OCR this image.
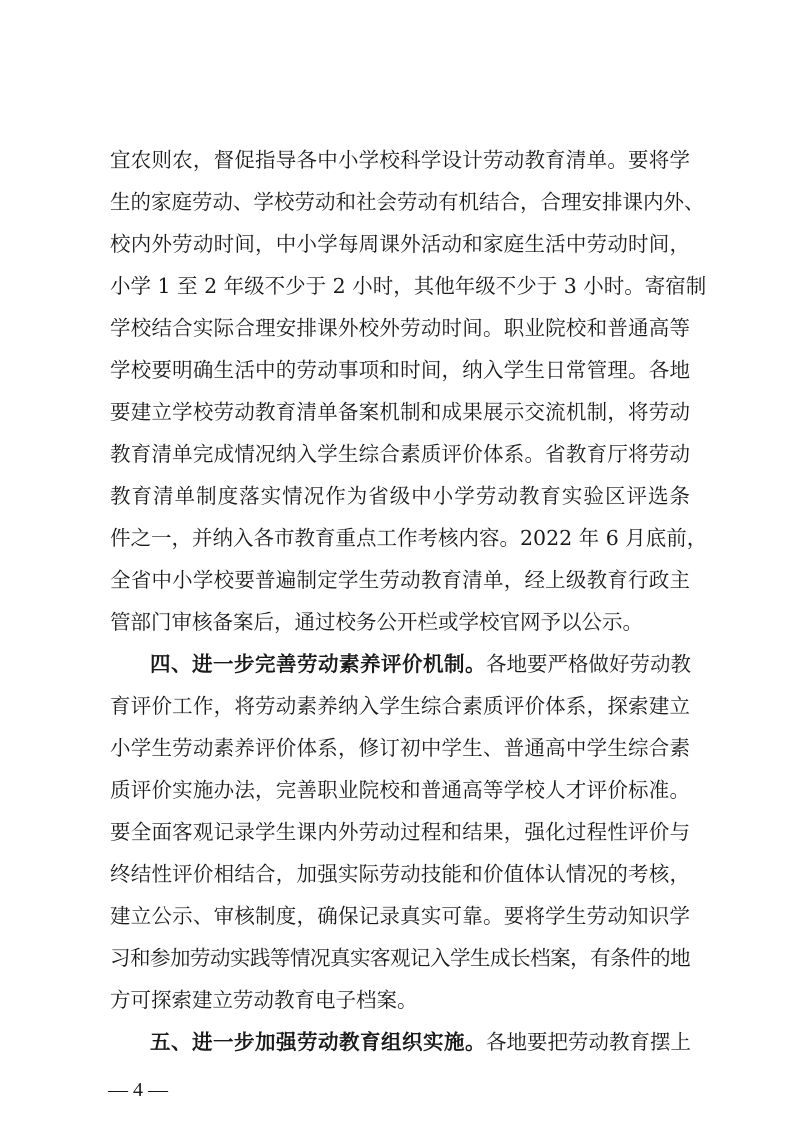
宜农则农，督促指导各中小学校科学设计劳动教育清单。要将学
生的家庭劳动、学校劳动和社会劳动有机结合，合理安排课内外、
校内外劳动时间，中小学每周课外活动和家庭生活中劳动时间，
小学 1 至 2 年级不少于 2 小时，其他年级不少于 3 小时。寄宿制
学校结合实际合理安排课外校外劳动时间。职业院校和普通高等
学校要明确生活中的劳动事项和时间，纳入学生日常管理。各地
要建立学校劳动教育清单备案机制和成果展示交流机制，将劳动
教育清单完成情况纳入学生综合素质评价体系。省教育厅将劳动
教育清单制度落实情况作为省级中小学劳动教育实验区评选条
件之一，并纳入各市教育重点工作考核内容。2022 年 6 月底前，
全省中小学校要普遍制定学生劳动教育清单，经上级教育行政主
管部门审核备案后，通过校务公开栏或学校官网予以公示。
四、进一步完善劳动素养评价机制。各地要严格做好劳动教
育评价工作，将劳动素养纳入学生综合素质评价体系，探索建立
小学生劳动素养评价体系，修订初中学生、普通高中学生综合素
质评价实施办法，完善职业院校和普通高等学校人才评价标准。
要全面客观记录学生课内外劳动过程和结果，强化过程性评价与
终结性评价相结合，加强实际劳动技能和价值体认情况的考核，
建立公示、审核制度，确保记录真实可靠。要将学生劳动知识学
习和参加劳动实践等情况真实客观记入学生成长档案，有条件的地
方可探索建立劳动教育电子档案。
五、进一步加强劳动教育组织实施。各地要把劳动教育摆上
— 4 —
